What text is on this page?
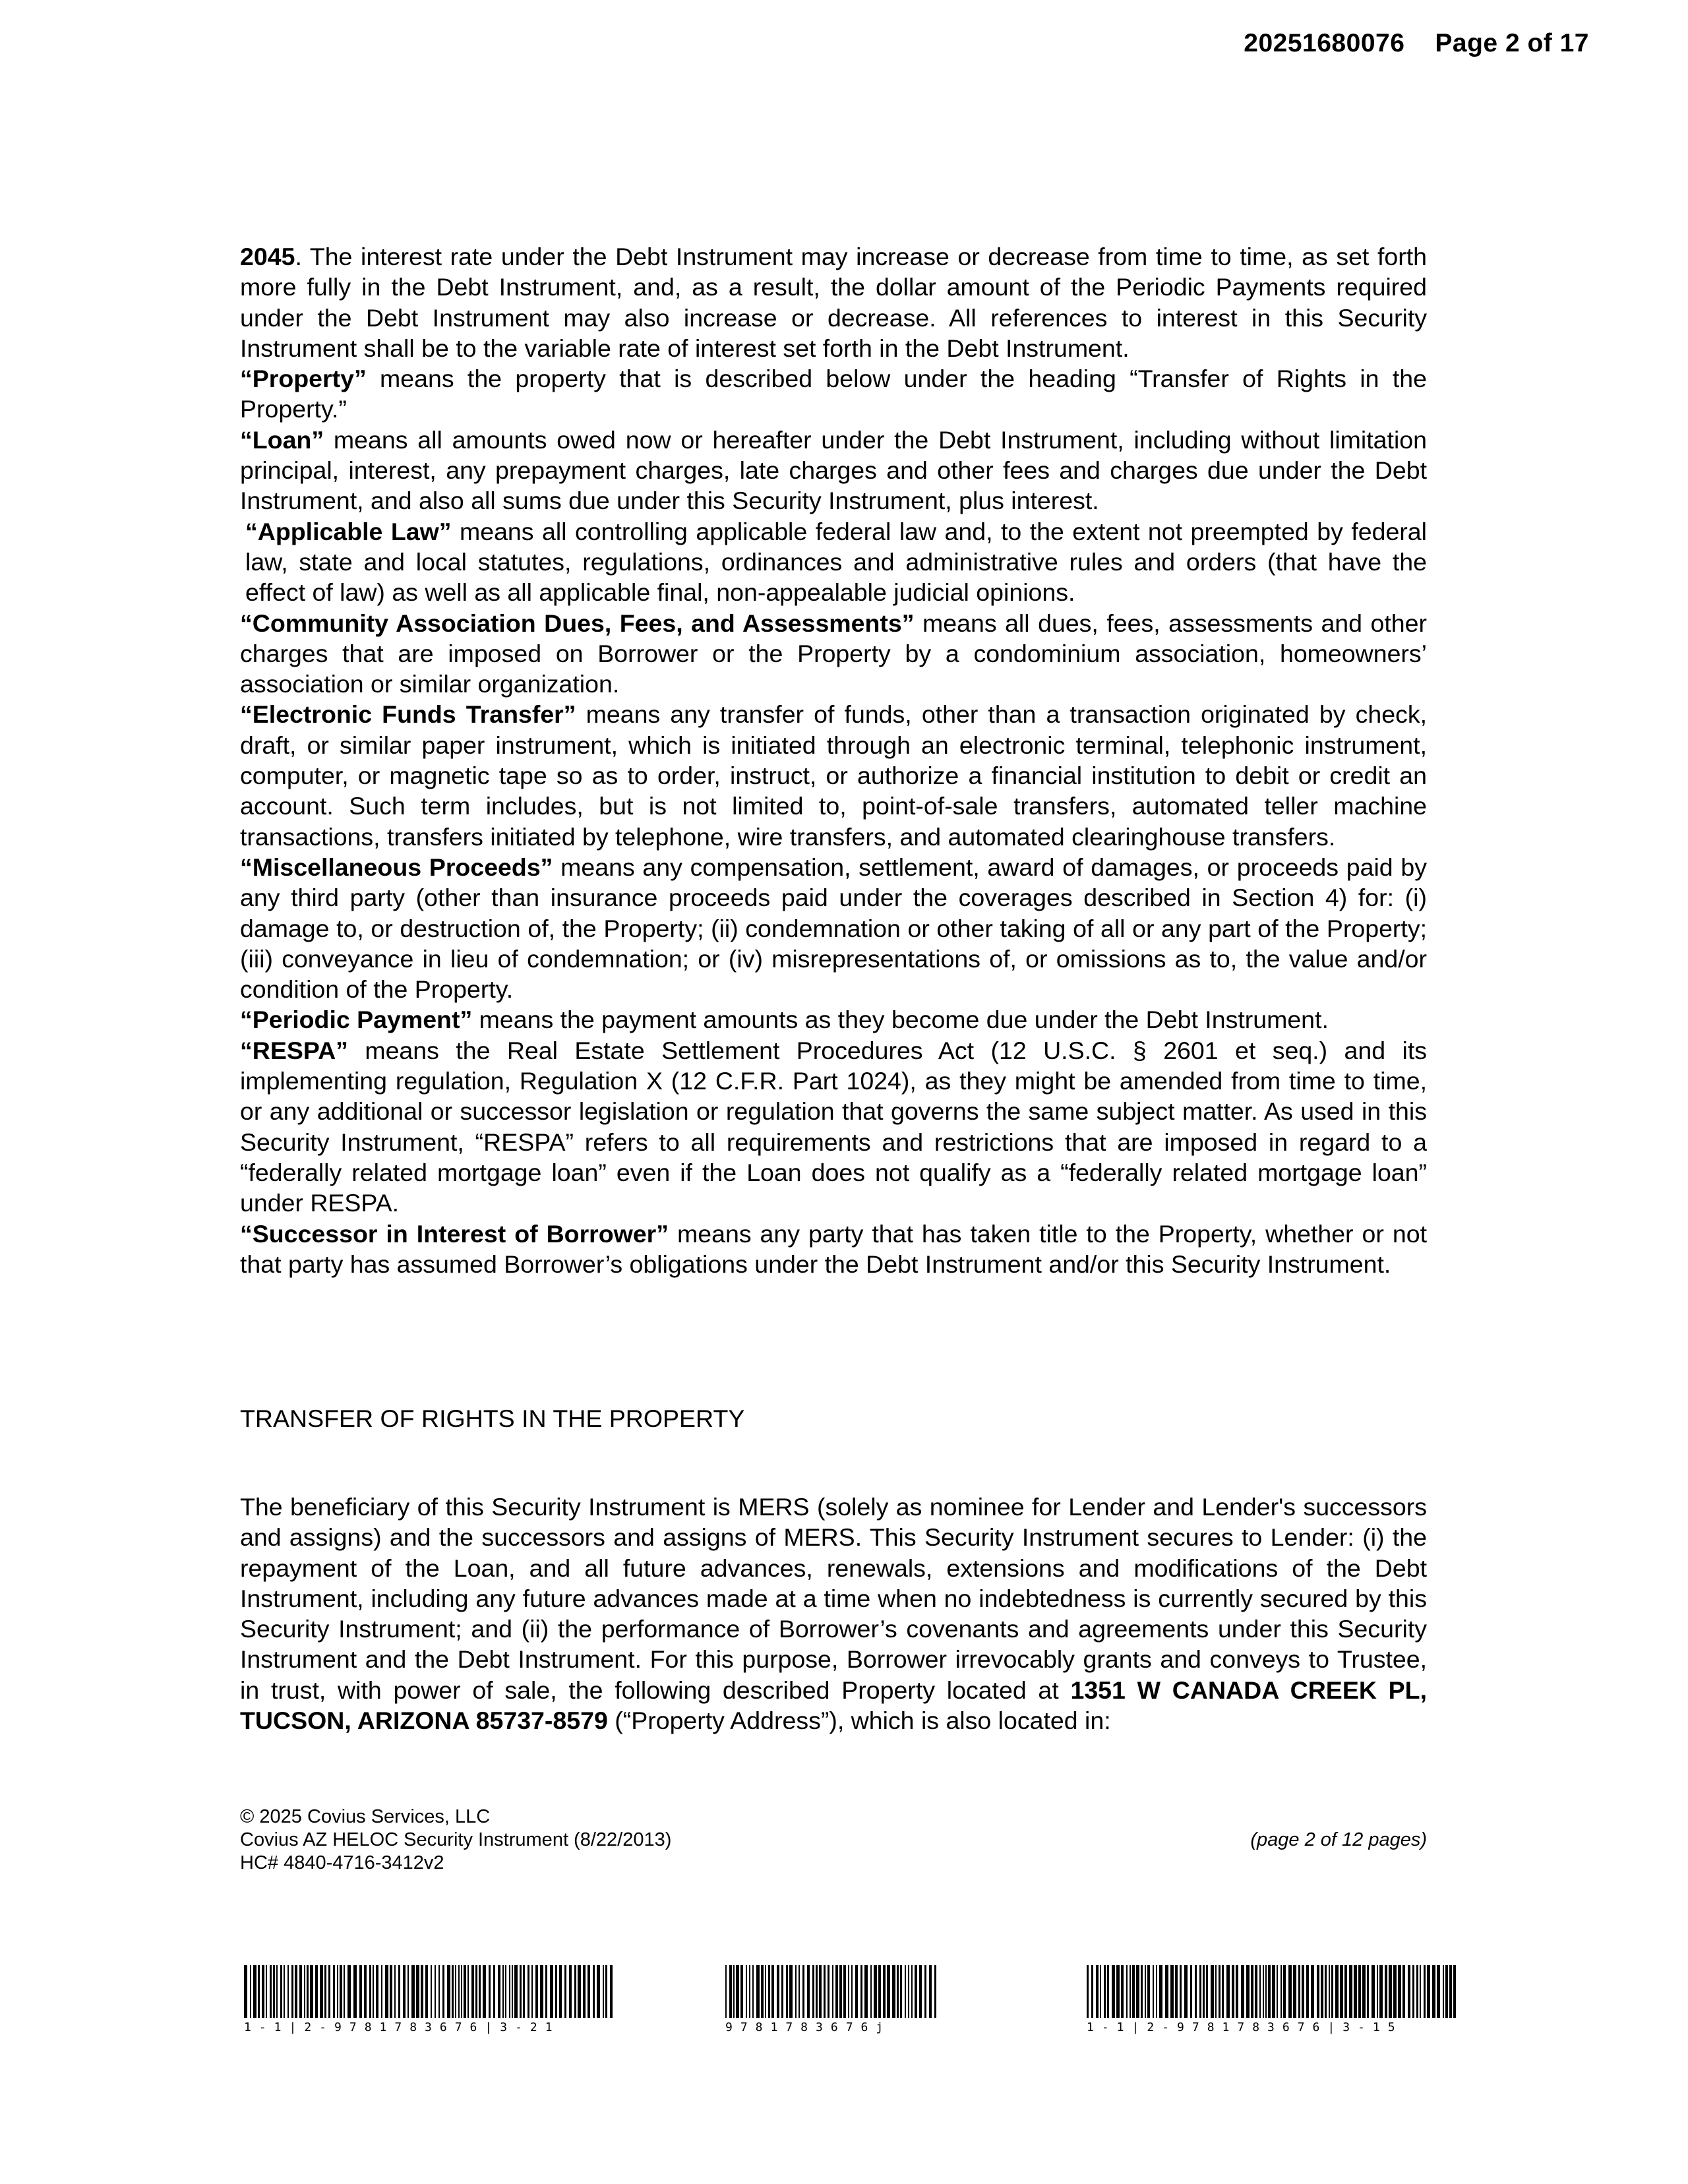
20251680076 Page 2 of 17

2045. The interest rate under the Debt Instrument may increase or decrease from time to time, as set forth more fully in the Debt Instrument, and, as a result, the dollar amount of the Periodic Payments required under the Debt Instrument may also increase or decrease. All references to interest in this Security Instrument shall be to the variable rate of interest set forth in the Debt Instrument.

“Property” means the property that is described below under the heading “Transfer of Rights in the Property.”

“Loan” means all amounts owed now or hereafter under the Debt Instrument, including without limitation principal, interest, any prepayment charges, late charges and other fees and charges due under the Debt Instrument, and also all sums due under this Security Instrument, plus interest.

“Applicable Law” means all controlling applicable federal law and, to the extent not preempted by federal law, state and local statutes, regulations, ordinances and administrative rules and orders (that have the effect of law) as well as all applicable final, non-appealable judicial opinions.

“Community Association Dues, Fees, and Assessments” means all dues, fees, assessments and other charges that are imposed on Borrower or the Property by a condominium association, homeowners’ association or similar organization.

“Electronic Funds Transfer” means any transfer of funds, other than a transaction originated by check, draft, or similar paper instrument, which is initiated through an electronic terminal, telephonic instrument, computer, or magnetic tape so as to order, instruct, or authorize a financial institution to debit or credit an account. Such term includes, but is not limited to, point-of-sale transfers, automated teller machine transactions, transfers initiated by telephone, wire transfers, and automated clearinghouse transfers.

“Miscellaneous Proceeds” means any compensation, settlement, award of damages, or proceeds paid by any third party (other than insurance proceeds paid under the coverages described in Section 4) for: (i) damage to, or destruction of, the Property; (ii) condemnation or other taking of all or any part of the Property; (iii) conveyance in lieu of condemnation; or (iv) misrepresentations of, or omissions as to, the value and/or condition of the Property.

“Periodic Payment” means the payment amounts as they become due under the Debt Instrument.

“RESPA” means the Real Estate Settlement Procedures Act (12 U.S.C. § 2601 et seq.) and its implementing regulation, Regulation X (12 C.F.R. Part 1024), as they might be amended from time to time, or any additional or successor legislation or regulation that governs the same subject matter. As used in this Security Instrument, “RESPA” refers to all requirements and restrictions that are imposed in regard to a “federally related mortgage loan” even if the Loan does not qualify as a “federally related mortgage loan” under RESPA.

“Successor in Interest of Borrower” means any party that has taken title to the Property, whether or not that party has assumed Borrower’s obligations under the Debt Instrument and/or this Security Instrument.

TRANSFER OF RIGHTS IN THE PROPERTY

The beneficiary of this Security Instrument is MERS (solely as nominee for Lender and Lender's successors and assigns) and the successors and assigns of MERS. This Security Instrument secures to Lender: (i) the repayment of the Loan, and all future advances, renewals, extensions and modifications of the Debt Instrument, including any future advances made at a time when no indebtedness is currently secured by this Security Instrument; and (ii) the performance of Borrower’s covenants and agreements under this Security Instrument and the Debt Instrument. For this purpose, Borrower irrevocably grants and conveys to Trustee, in trust, with power of sale, the following described Property located at 1351 W CANADA CREEK PL, TUCSON, ARIZONA 85737-8579 (“Property Address”), which is also located in:

© 2025 Covius Services, LLC
Covius AZ HELOC Security Instrument (8/22/2013)
HC# 4840-4716-3412v2
(page 2 of 12 pages)
1-1|2-9781783676|3-21	9781783676j	1-1|2-9781783676|3-15
